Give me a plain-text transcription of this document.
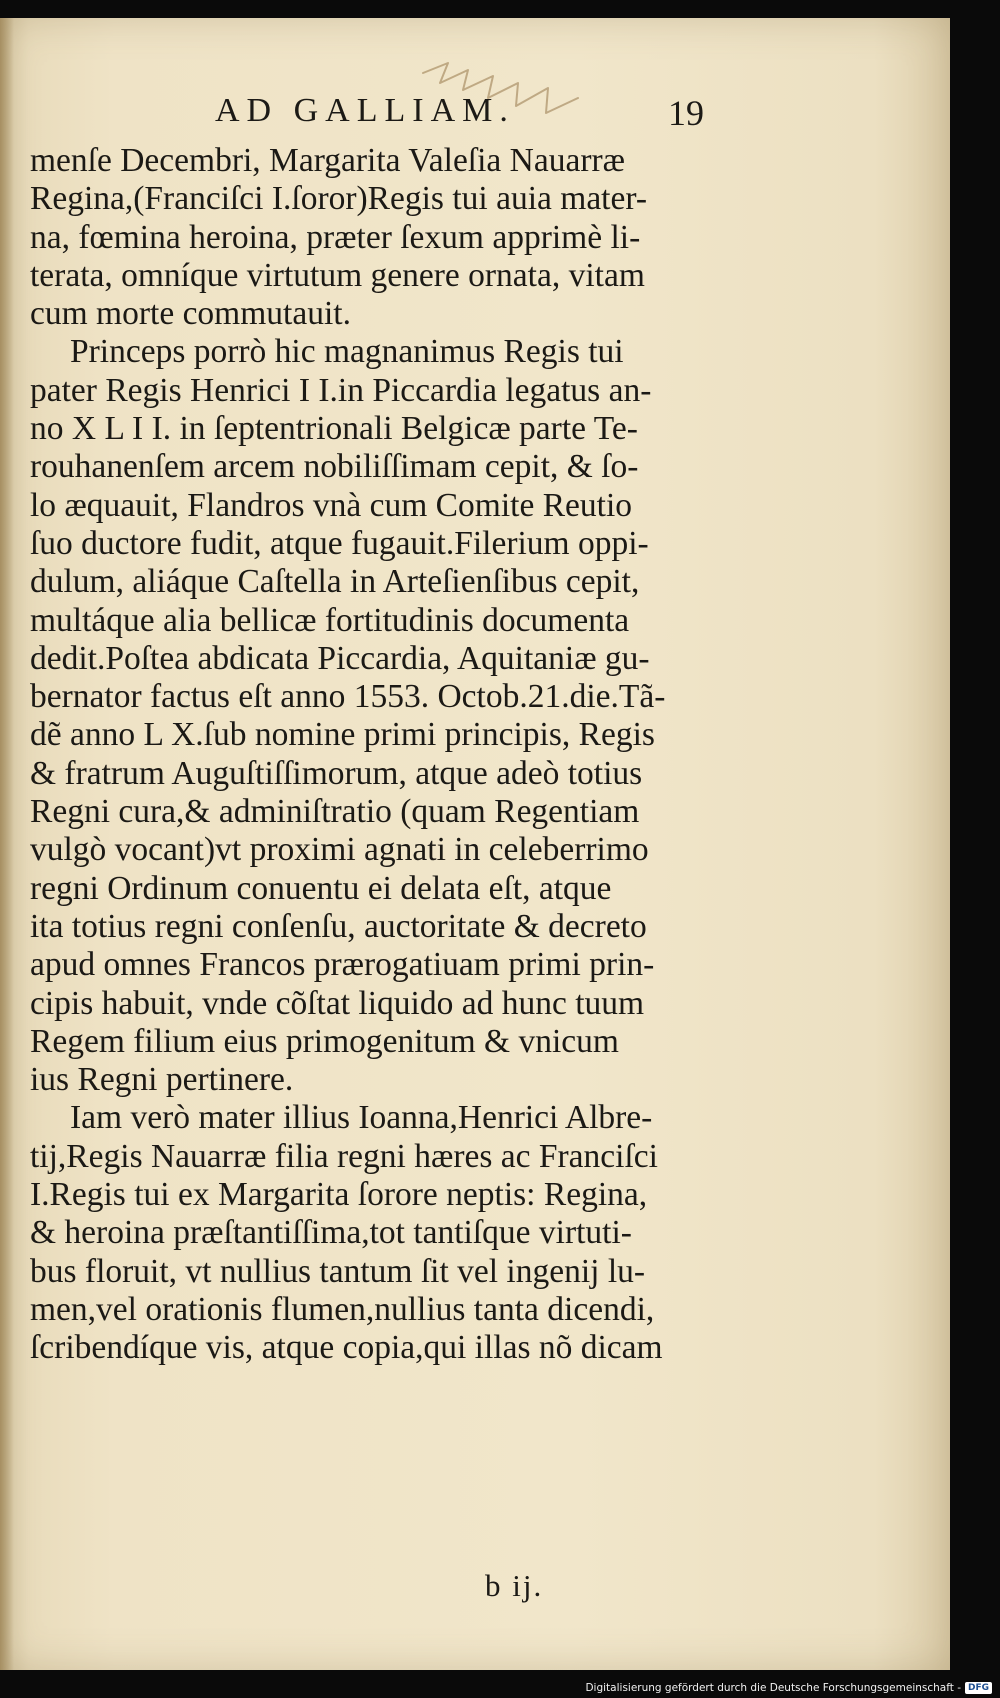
AD GALLIAM.	19
menſe Decembri, Margarita Valeſia Nauarræ
Regina,(Franciſci I.ſoror)Regis tui auia mater-
na, fœmina heroina, præter ſexum apprimè li-
terata, omníque virtutum genere ornata, vitam
cum morte commutauit.
Princeps porrò hic magnanimus Regis tui
pater Regis Henrici I I.in Piccardia legatus an-
no X L I I. in ſeptentrionali Belgicæ parte Te-
rouhanenſem arcem nobiliſſimam cepit, & ſo-
lo æquauit, Flandros vnà cum Comite Reutio
ſuo ductore fudit, atque fugauit.Filerium oppi-
dulum, aliáque Caſtella in Arteſienſibus cepit,
multáque alia bellicæ fortitudinis documenta
dedit.Poſtea abdicata Piccardia, Aquitaniæ gu-
bernator factus eſt anno 1553. Octob.21.die.Tã-
dẽ anno L X.ſub nomine primi principis, Regis
& fratrum Auguſtiſſimorum, atque adeò totius
Regni cura,& adminiſtratio (quam Regentiam
vulgò vocant)vt proximi agnati in celeberrimo
regni Ordinum conuentu ei delata eſt, atque
ita totius regni conſenſu, auctoritate & decreto
apud omnes Francos prærogatiuam primi prin-
cipis habuit, vnde cõſtat liquido ad hunc tuum
Regem filium eius primogenitum & vnicum
ius Regni pertinere.
Iam verò mater illius Ioanna,Henrici Albre-
tij,Regis Nauarræ filia regni hæres ac Franciſci
I.Regis tui ex Margarita ſorore neptis: Regina,
& heroina præſtantiſſima,tot tantiſque virtuti-
bus floruit, vt nullius tantum ſit vel ingenij lu-
men,vel orationis flumen,nullius tanta dicendi,
ſcribendíque vis, atque copia,qui illas nõ dicam
b ij.
Digitalisierung gefördert durch die Deutsche Forschungsgemeinschaft - DFG
